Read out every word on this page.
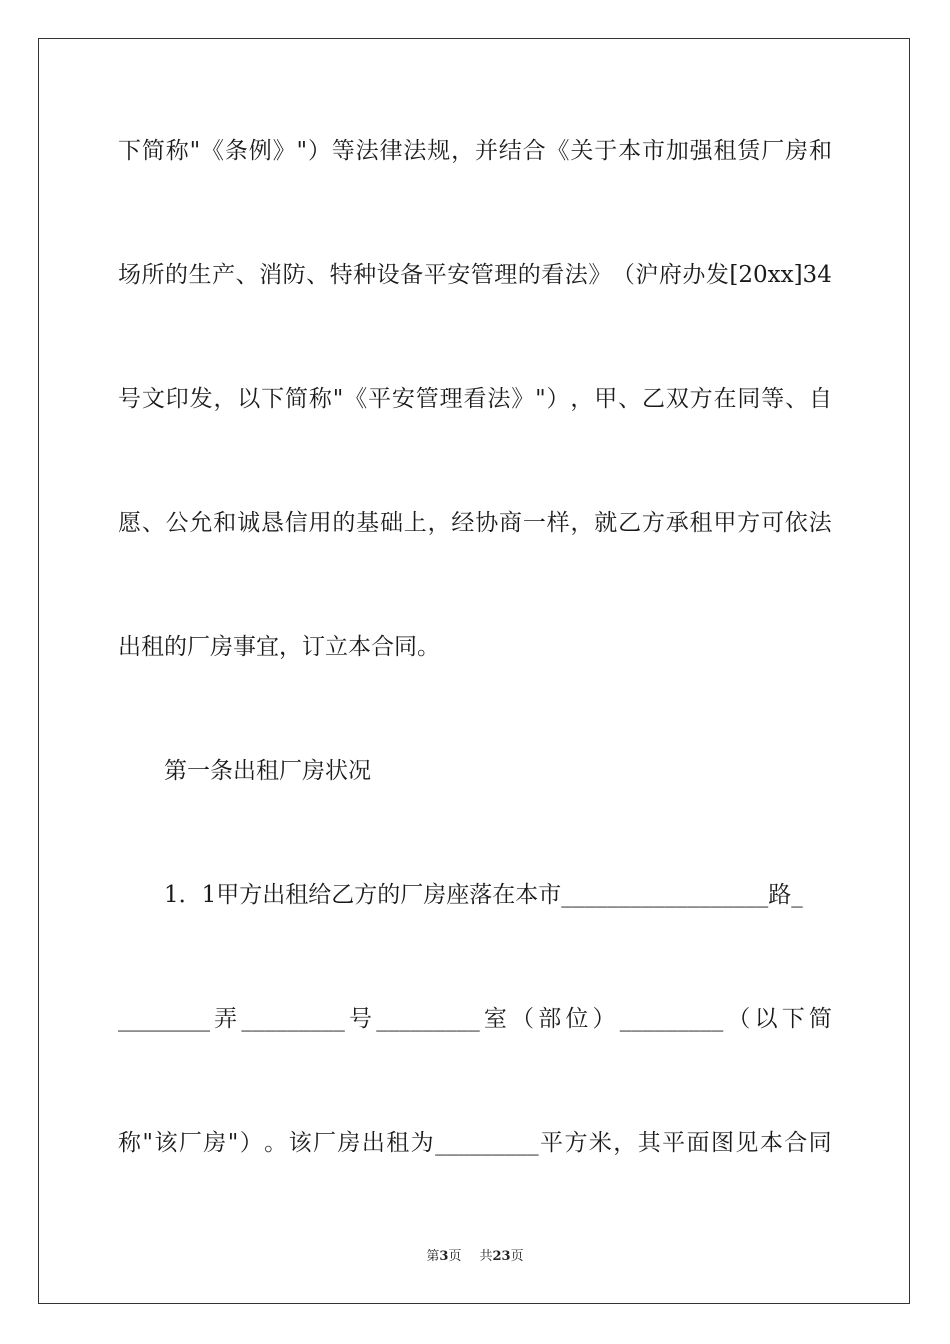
下 简 称 " 《 条 例 》 " ） 等 法 律 法 规 ， 并 结 合 《 关 于 本 市 加 强 租 赁 厂 房 和
场 所 的 生 产 、 消 防 、 特 种 设 备 平 安 管 理 的 看 法 》 （ 沪 府 办 发 [20xx]34
号 文 印 发 ， 以 下 简 称 " 《 平 安 管 理 看 法 》 " ） ， 甲 、 乙 双 方 在 同 等 、 自
愿 、 公 允 和 诚 恳 信 用 的 基 础 上 ， 经 协 商 一 样 ， 就 乙 方 承 租 甲 方 可 依 法
出租的厂房事宜，订立本合同。
第一条出租厂房状况
1．1甲方出租给乙方的厂房座落在本市__________________路_
________ 弄 _________ 号 _________ 室 （ 部 位 ） _________ （ 以 下 简
称 " 该 厂 房 " ） 。 该 厂 房 出 租 为 _________ 平 方 米 ， 其 平 面 图 见 本 合 同
第3页 共23页
